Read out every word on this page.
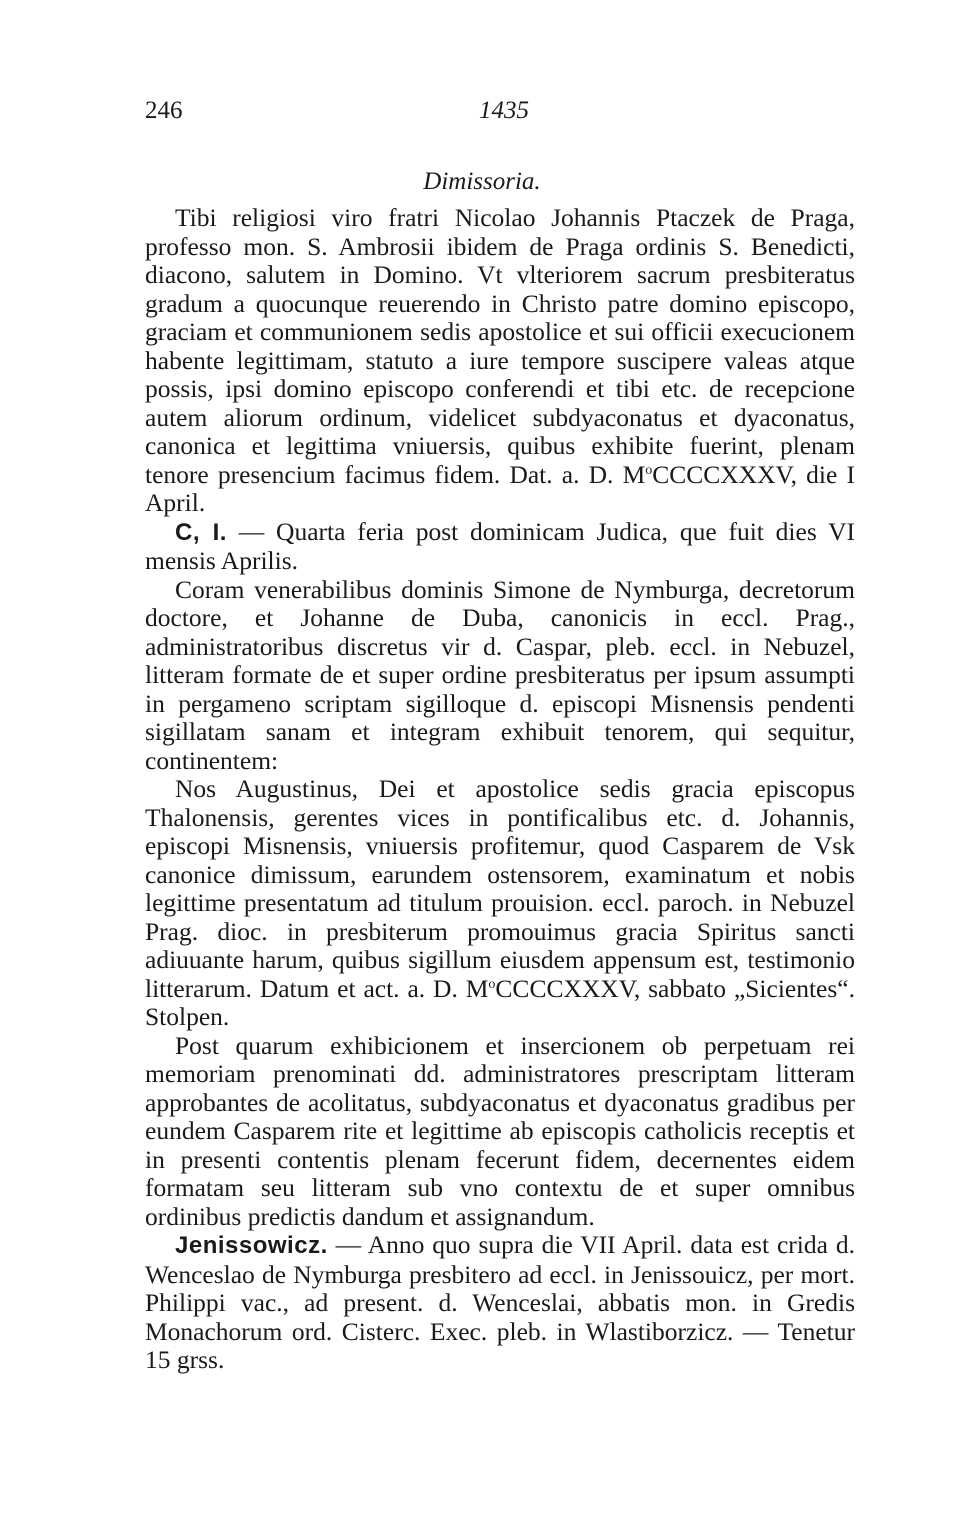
246	1435
Dimissoria.

Tibi religiosi viro fratri Nicolao Johannis Ptaczek de Praga, professo mon. S. Ambrosii ibidem de Praga ordinis S. Benedicti, diacono, salutem in Domino. Vt vlteriorem sacrum presbiteratus gradum a quocunque reuerendo in Christo patre domino episcopo, graciam et communionem sedis apostolice et sui officii execucionem habente legittimam, statuto a iure tempore suscipere valeas atque possis, ipsi domino episcopo conferendi et tibi etc. de recepcione autem aliorum ordinum, videlicet subdyaconatus et dyaconatus, canonica et legittima vniuersis, quibus exhibite fuerint, plenam tenore presencium facimus fidem. Dat. a. D. $M^oCCCCXXXV$, die I April.

C, I. — Quarta feria post dominicam Judica, que fuit dies VI mensis Aprilis.

Coram venerabilibus dominis Simone de Nymburga, decretorum doctore, et Johanne de Duba, canonicis in eccl. Prag., administratoribus discretus vir d. Caspar, pleb. eccl. in Nebuzel, litteram formate de et super ordine presbiteratus per ipsum assumpti in pergameno scriptam sigilloque d. episcopi Misnensis pendenti sigillatam sanam et integram exhibuit tenorem, qui sequitur, continentem:

Nos Augustinus, Dei et apostolice sedis gracia episcopus Thalonensis, gerentes vices in pontificalibus etc. d. Johannis, episcopi Misnensis, vniuersis profitemur, quod Casparem de Vsk canonice dimissum, earundem ostensorem, examinatum et nobis legittime presentatum ad titulum prouision. eccl. paroch. in Nebuzel Prag. dioc. in presbiterum promouimus gracia Spiritus sancti adiuuante harum, quibus sigillum eiusdem appensum est, testimonio litterarum. Datum et act. a. D. $M^oCCCCXXXV$, sabbato „Sicientes“. Stolpen.

Post quarum exhibicionem et insercionem ob perpetuam rei memoriam prenominati dd. administratores prescriptam litteram approbantes de acolitatus, subdyaconatus et dyaconatus gradibus per eundem Casparem rite et legittime ab episcopis catholicis receptis et in presenti contentis plenam fecerunt fidem, decernentes eidem formatam seu litteram sub vno contextu de et super omnibus ordinibus predictis dandum et assignandum.

Jenissowicz. — Anno quo supra die VII April. data est crida d. Wenceslao de Nymburga presbitero ad eccl. in Jenissouicz, per mort. Philippi vac., ad present. d. Wenceslai, abbatis mon. in Gredis Monachorum ord. Cisterc. Exec. pleb. in Wlastiborzicz. — Tenetur 15 grss.
